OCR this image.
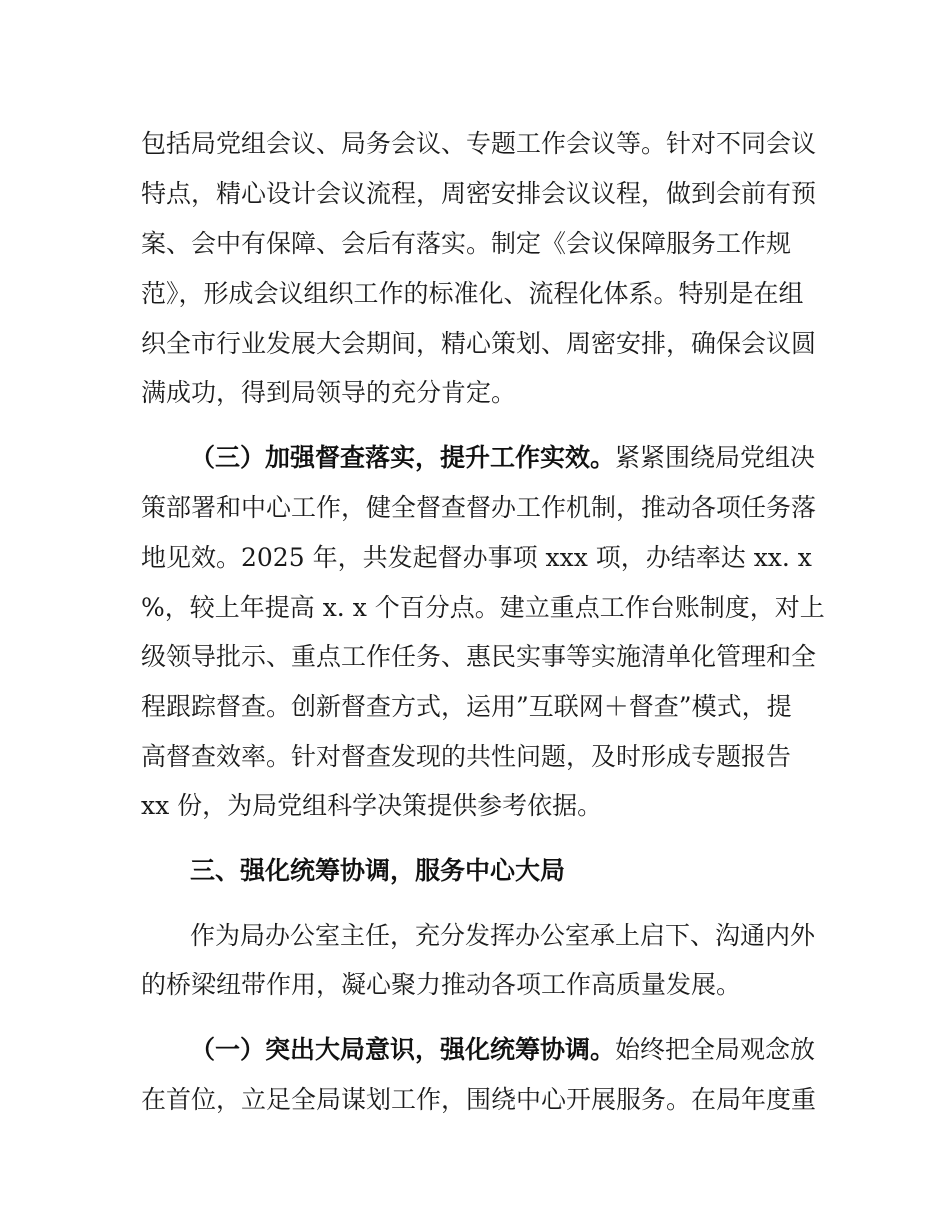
包括局党组会议、局务会议、专题工作会议等。针对不同会议
特点，精心设计会议流程，周密安排会议议程，做到会前有预
案、会中有保障、会后有落实。制定《会议保障服务工作规
范》，形成会议组织工作的标准化、流程化体系。特别是在组
织全市行业发展大会期间，精心策划、周密安排，确保会议圆
满成功，得到局领导的充分肯定。
（三）加强督查落实，提升工作实效。紧紧围绕局党组决
策部署和中心工作，健全督查督办工作机制，推动各项任务落
地见效。2025 年，共发起督办事项 xxx 项，办结率达 xx. x
%，较上年提高 x. x 个百分点。建立重点工作台账制度，对上
级领导批示、重点工作任务、惠民实事等实施清单化管理和全
程跟踪督查。创新督查方式，运用”互联网＋督查”模式，提
高督查效率。针对督查发现的共性问题，及时形成专题报告
xx 份，为局党组科学决策提供参考依据。
三、强化统筹协调，服务中心大局
作为局办公室主任，充分发挥办公室承上启下、沟通内外
的桥梁纽带作用，凝心聚力推动各项工作高质量发展。
（一）突出大局意识，强化统筹协调。始终把全局观念放
在首位，立足全局谋划工作，围绕中心开展服务。在局年度重
